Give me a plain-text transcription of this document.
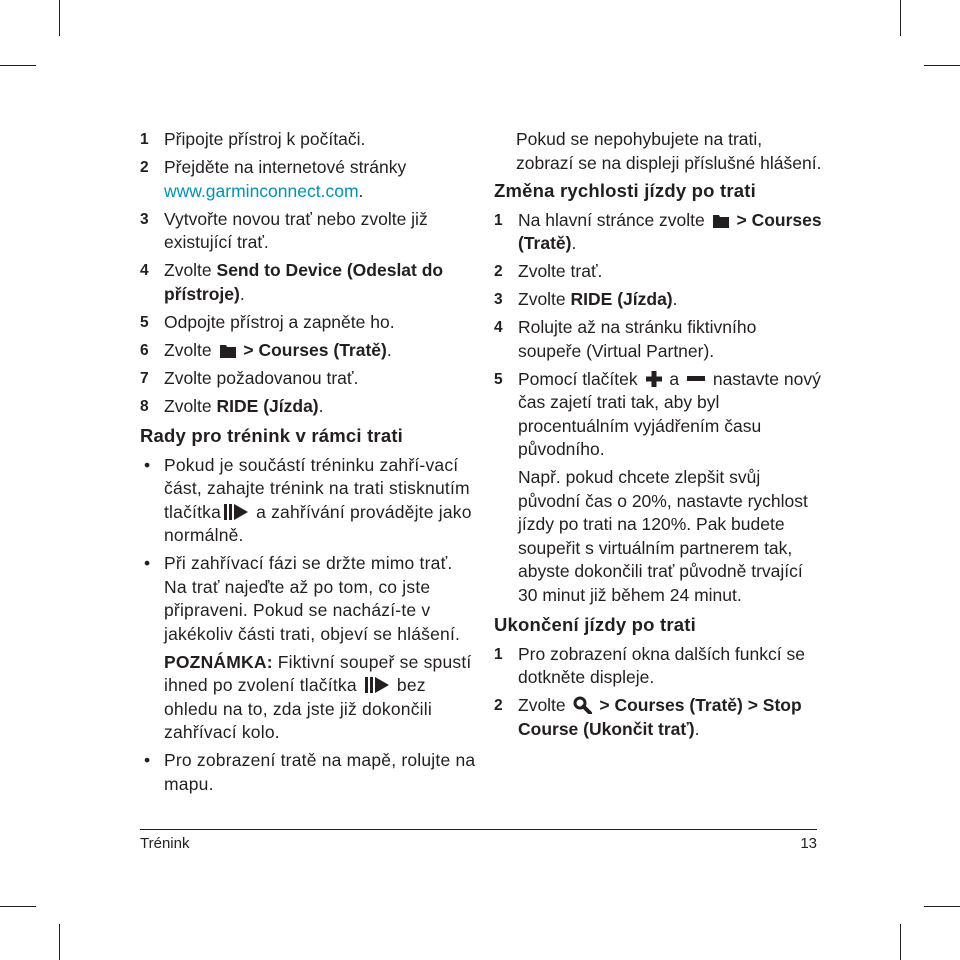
1 Připojte přístroj k počítači.
2 Přejděte na internetové stránky www.garminconnect.com.
3 Vytvořte novou trať nebo zvolte již existující trať.
4 Zvolte Send to Device (Odeslat do přístroje).
5 Odpojte přístroj a zapněte ho.
6 Zvolte  > Courses (Tratě).
7 Zvolte požadovanou trať.
8 Zvolte RIDE (Jízda).
Rady pro trénink v rámci trati
• Pokud je součástí tréninku zahří-vací část, zahajte trénink na trati stisknutím tlačítka a zahřívání provádějte jako normálně.
• Při zahřívací fázi se držte mimo trať. Na trať najeďte až po tom, co jste připraveni. Pokud se nachází-te v jakékoliv části trati, objeví se hlášení.
POZNÁMKA: Fiktivní soupeř se spustí ihned po zvolení tlačítka  bez ohledu na to, zda jste již dokončili zahřívací kolo.
• Pro zobrazení tratě na mapě, rolujte na mapu.
Pokud se nepohybujete na trati, zobrazí se na displeji příslušné hlášení.
Změna rychlosti jízdy po trati
1 Na hlavní stránce zvolte  > Courses (Tratě).
2 Zvolte trať.
3 Zvolte RIDE (Jízda).
4 Rolujte až na stránku fiktivního soupeře (Virtual Partner).
5 Pomocí tlačítek  a  nastavte nový čas zajetí trati tak, aby byl procentuálním vyjádřením času původního.
Např. pokud chcete zlepšit svůj původní čas o 20%, nastavte rychlost jízdy po trati na 120%. Pak budete soupeřit s virtuálním partnerem tak, abyste dokončili trať původně trvající 30 minut již během 24 minut.
Ukončení jízdy po trati
1 Pro zobrazení okna dalších funkcí se dotkněte displeje.
2 Zvolte  > Courses (Tratě) > Stop Course (Ukončit trať).
Trénink	13
